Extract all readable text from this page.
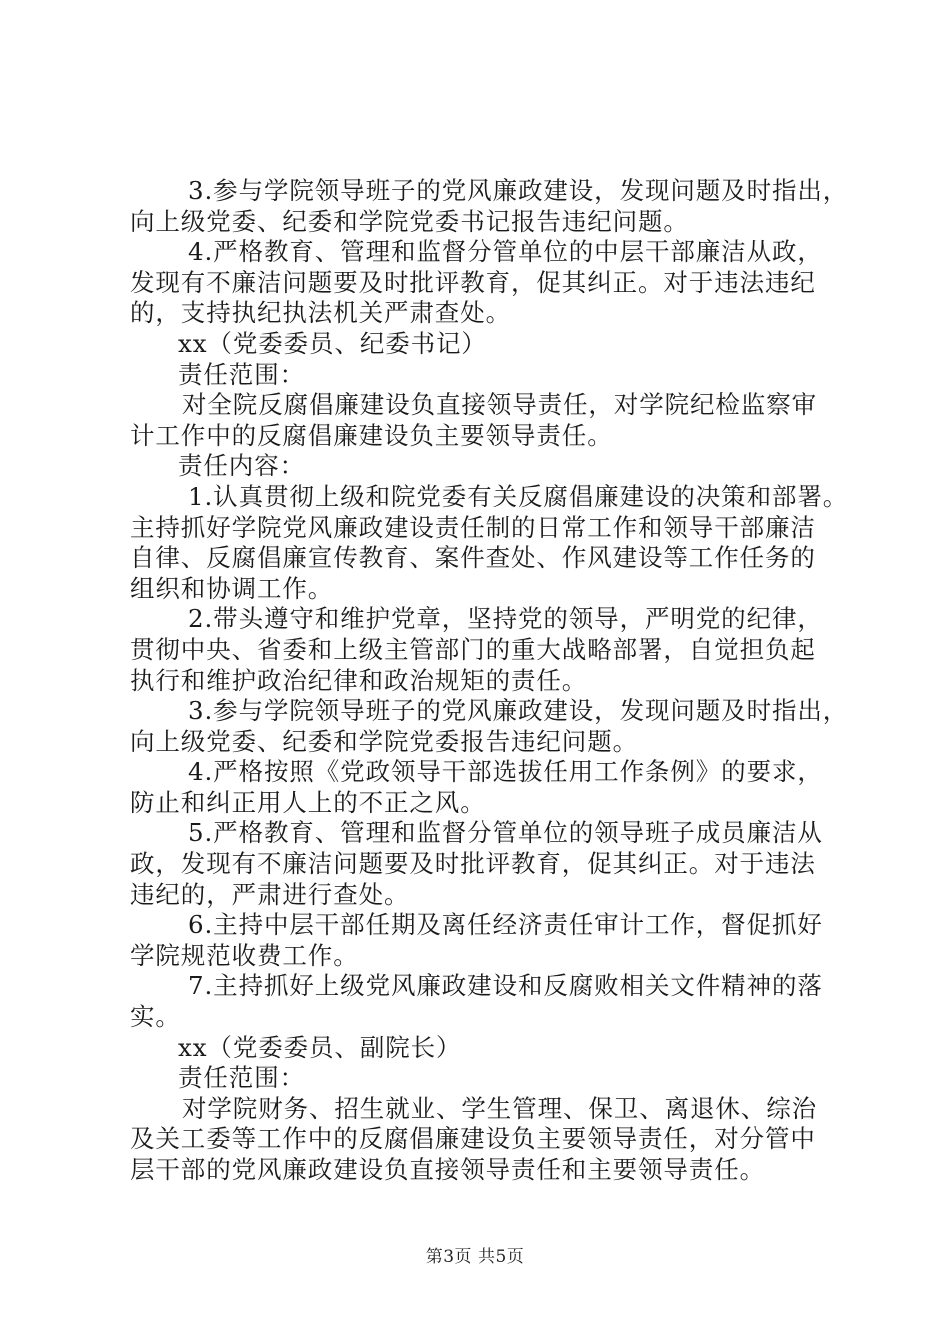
3.参与学院领导班子的党风廉政建设，发现问题及时指出，
向上级党委、纪委和学院党委书记报告违纪问题。
4.严格教育、管理和监督分管单位的中层干部廉洁从政，
发现有不廉洁问题要及时批评教育，促其纠正。对于违法违纪
的，支持执纪执法机关严肃查处。
xx（党委委员、纪委书记）
责任范围：
对全院反腐倡廉建设负直接领导责任，对学院纪检监察审
计工作中的反腐倡廉建设负主要领导责任。
责任内容：
1.认真贯彻上级和院党委有关反腐倡廉建设的决策和部署。
主持抓好学院党风廉政建设责任制的日常工作和领导干部廉洁
自律、反腐倡廉宣传教育、案件查处、作风建设等工作任务的
组织和协调工作。
2.带头遵守和维护党章，坚持党的领导，严明党的纪律，
贯彻中央、省委和上级主管部门的重大战略部署，自觉担负起
执行和维护政治纪律和政治规矩的责任。
3.参与学院领导班子的党风廉政建设，发现问题及时指出，
向上级党委、纪委和学院党委报告违纪问题。
4.严格按照《党政领导干部选拔任用工作条例》的要求，
防止和纠正用人上的不正之风。
5.严格教育、管理和监督分管单位的领导班子成员廉洁从
政，发现有不廉洁问题要及时批评教育，促其纠正。对于违法
违纪的，严肃进行查处。
6.主持中层干部任期及离任经济责任审计工作，督促抓好
学院规范收费工作。
7.主持抓好上级党风廉政建设和反腐败相关文件精神的落
实。
xx（党委委员、副院长）
责任范围：
对学院财务、招生就业、学生管理、保卫、离退休、综治
及关工委等工作中的反腐倡廉建设负主要领导责任，对分管中
层干部的党风廉政建设负直接领导责任和主要领导责任。
第3页 共5页
